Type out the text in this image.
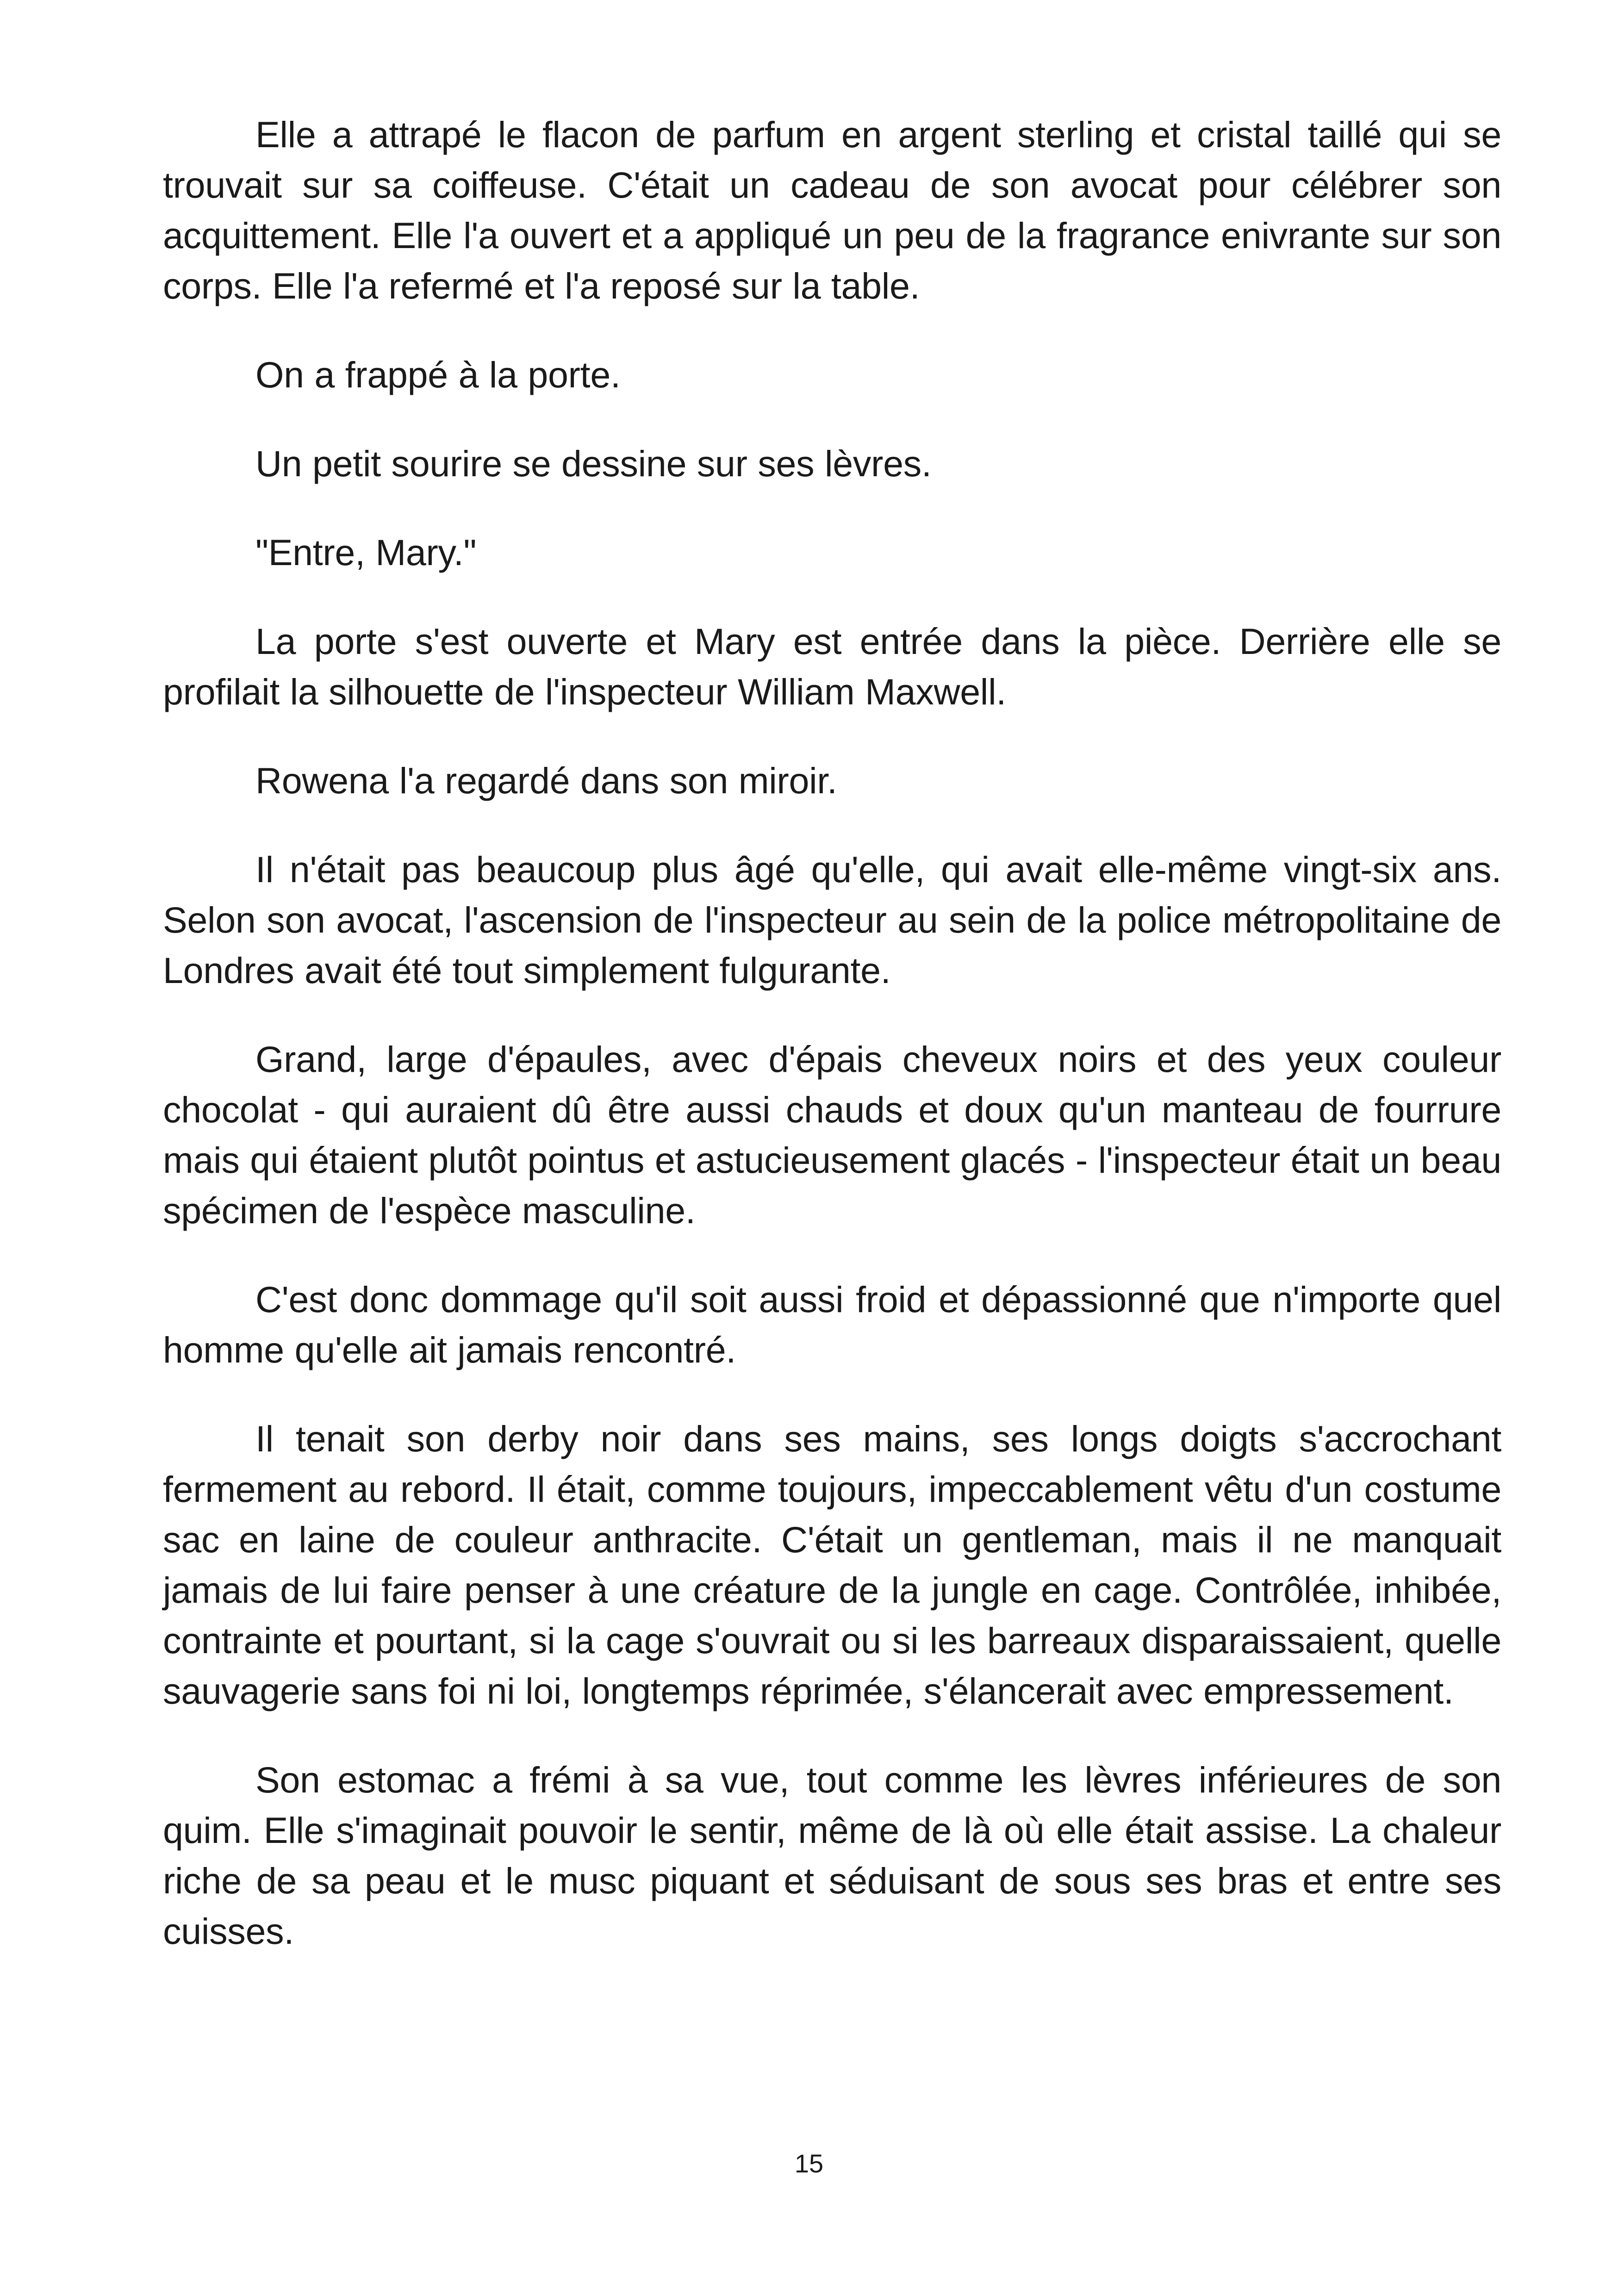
Elle a attrapé le flacon de parfum en argent sterling et cristal taillé qui se trouvait sur sa coiffeuse. C'était un cadeau de son avocat pour célébrer son acquittement. Elle l'a ouvert et a appliqué un peu de la fragrance enivrante sur son corps. Elle l'a refermé et l'a reposé sur la table.

On a frappé à la porte.

Un petit sourire se dessine sur ses lèvres.

"Entre, Mary."

La porte s'est ouverte et Mary est entrée dans la pièce. Derrière elle se profilait la silhouette de l'inspecteur William Maxwell.

Rowena l'a regardé dans son miroir.

Il n'était pas beaucoup plus âgé qu'elle, qui avait elle-même vingt-six ans. Selon son avocat, l'ascension de l'inspecteur au sein de la police métropolitaine de Londres avait été tout simplement fulgurante.

Grand, large d'épaules, avec d'épais cheveux noirs et des yeux couleur chocolat - qui auraient dû être aussi chauds et doux qu'un manteau de fourrure mais qui étaient plutôt pointus et astucieusement glacés - l'inspecteur était un beau spécimen de l'espèce masculine.

C'est donc dommage qu'il soit aussi froid et dépassionné que n'importe quel homme qu'elle ait jamais rencontré.

Il tenait son derby noir dans ses mains, ses longs doigts s'accrochant fermement au rebord. Il était, comme toujours, impeccablement vêtu d'un costume sac en laine de couleur anthracite. C'était un gentleman, mais il ne manquait jamais de lui faire penser à une créature de la jungle en cage. Contrôlée, inhibée, contrainte et pourtant, si la cage s'ouvrait ou si les barreaux disparaissaient, quelle sauvagerie sans foi ni loi, longtemps réprimée, s'élancerait avec empressement.

Son estomac a frémi à sa vue, tout comme les lèvres inférieures de son quim. Elle s'imaginait pouvoir le sentir, même de là où elle était assise. La chaleur riche de sa peau et le musc piquant et séduisant de sous ses bras et entre ses cuisses.

15
